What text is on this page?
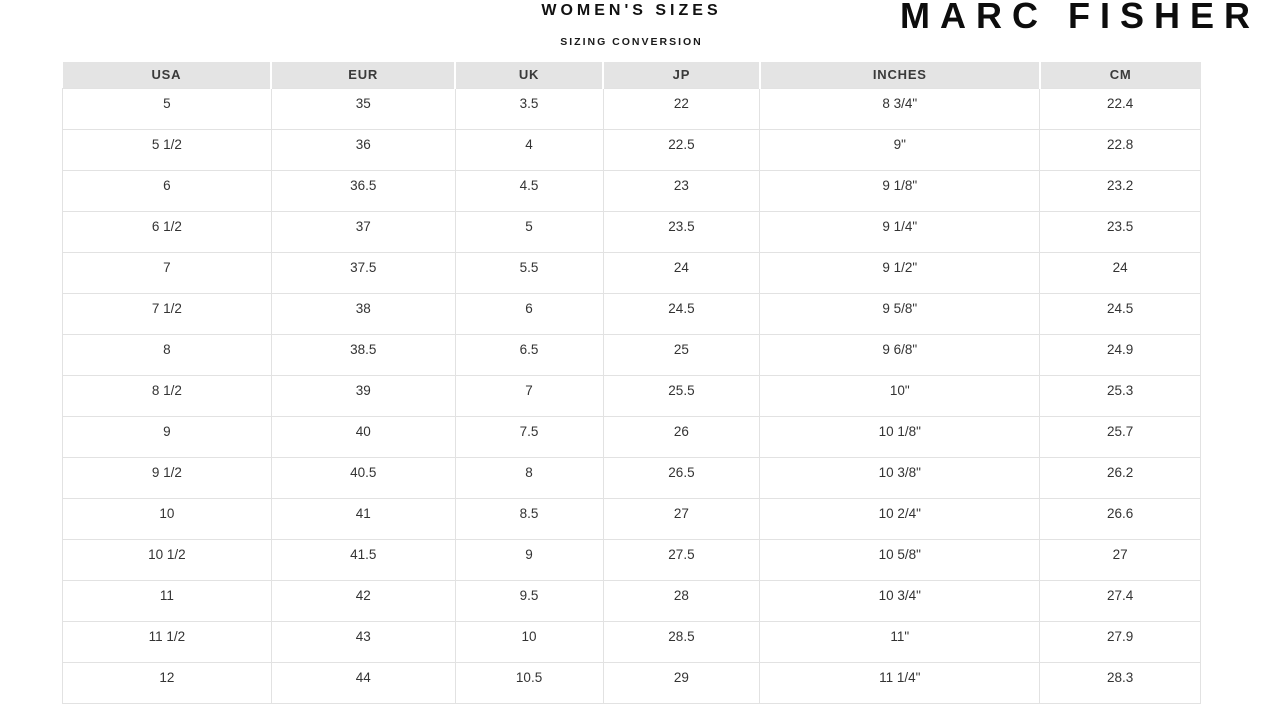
WOMEN'S SIZES
SIZING CONVERSION
MARC FISHER
USA	EUR	UK	JP	INCHES	CM
5	35	3.5	22	8 3/4"	22.4
5 1/2	36	4	22.5	9"	22.8
6	36.5	4.5	23	9 1/8"	23.2
6 1/2	37	5	23.5	9 1/4"	23.5
7	37.5	5.5	24	9 1/2"	24
7 1/2	38	6	24.5	9 5/8"	24.5
8	38.5	6.5	25	9 6/8"	24.9
8 1/2	39	7	25.5	10"	25.3
9	40	7.5	26	10 1/8"	25.7
9 1/2	40.5	8	26.5	10 3/8"	26.2
10	41	8.5	27	10 2/4"	26.6
10 1/2	41.5	9	27.5	10 5/8"	27
11	42	9.5	28	10 3/4"	27.4
11 1/2	43	10	28.5	11"	27.9
12	44	10.5	29	11 1/4"	28.3
